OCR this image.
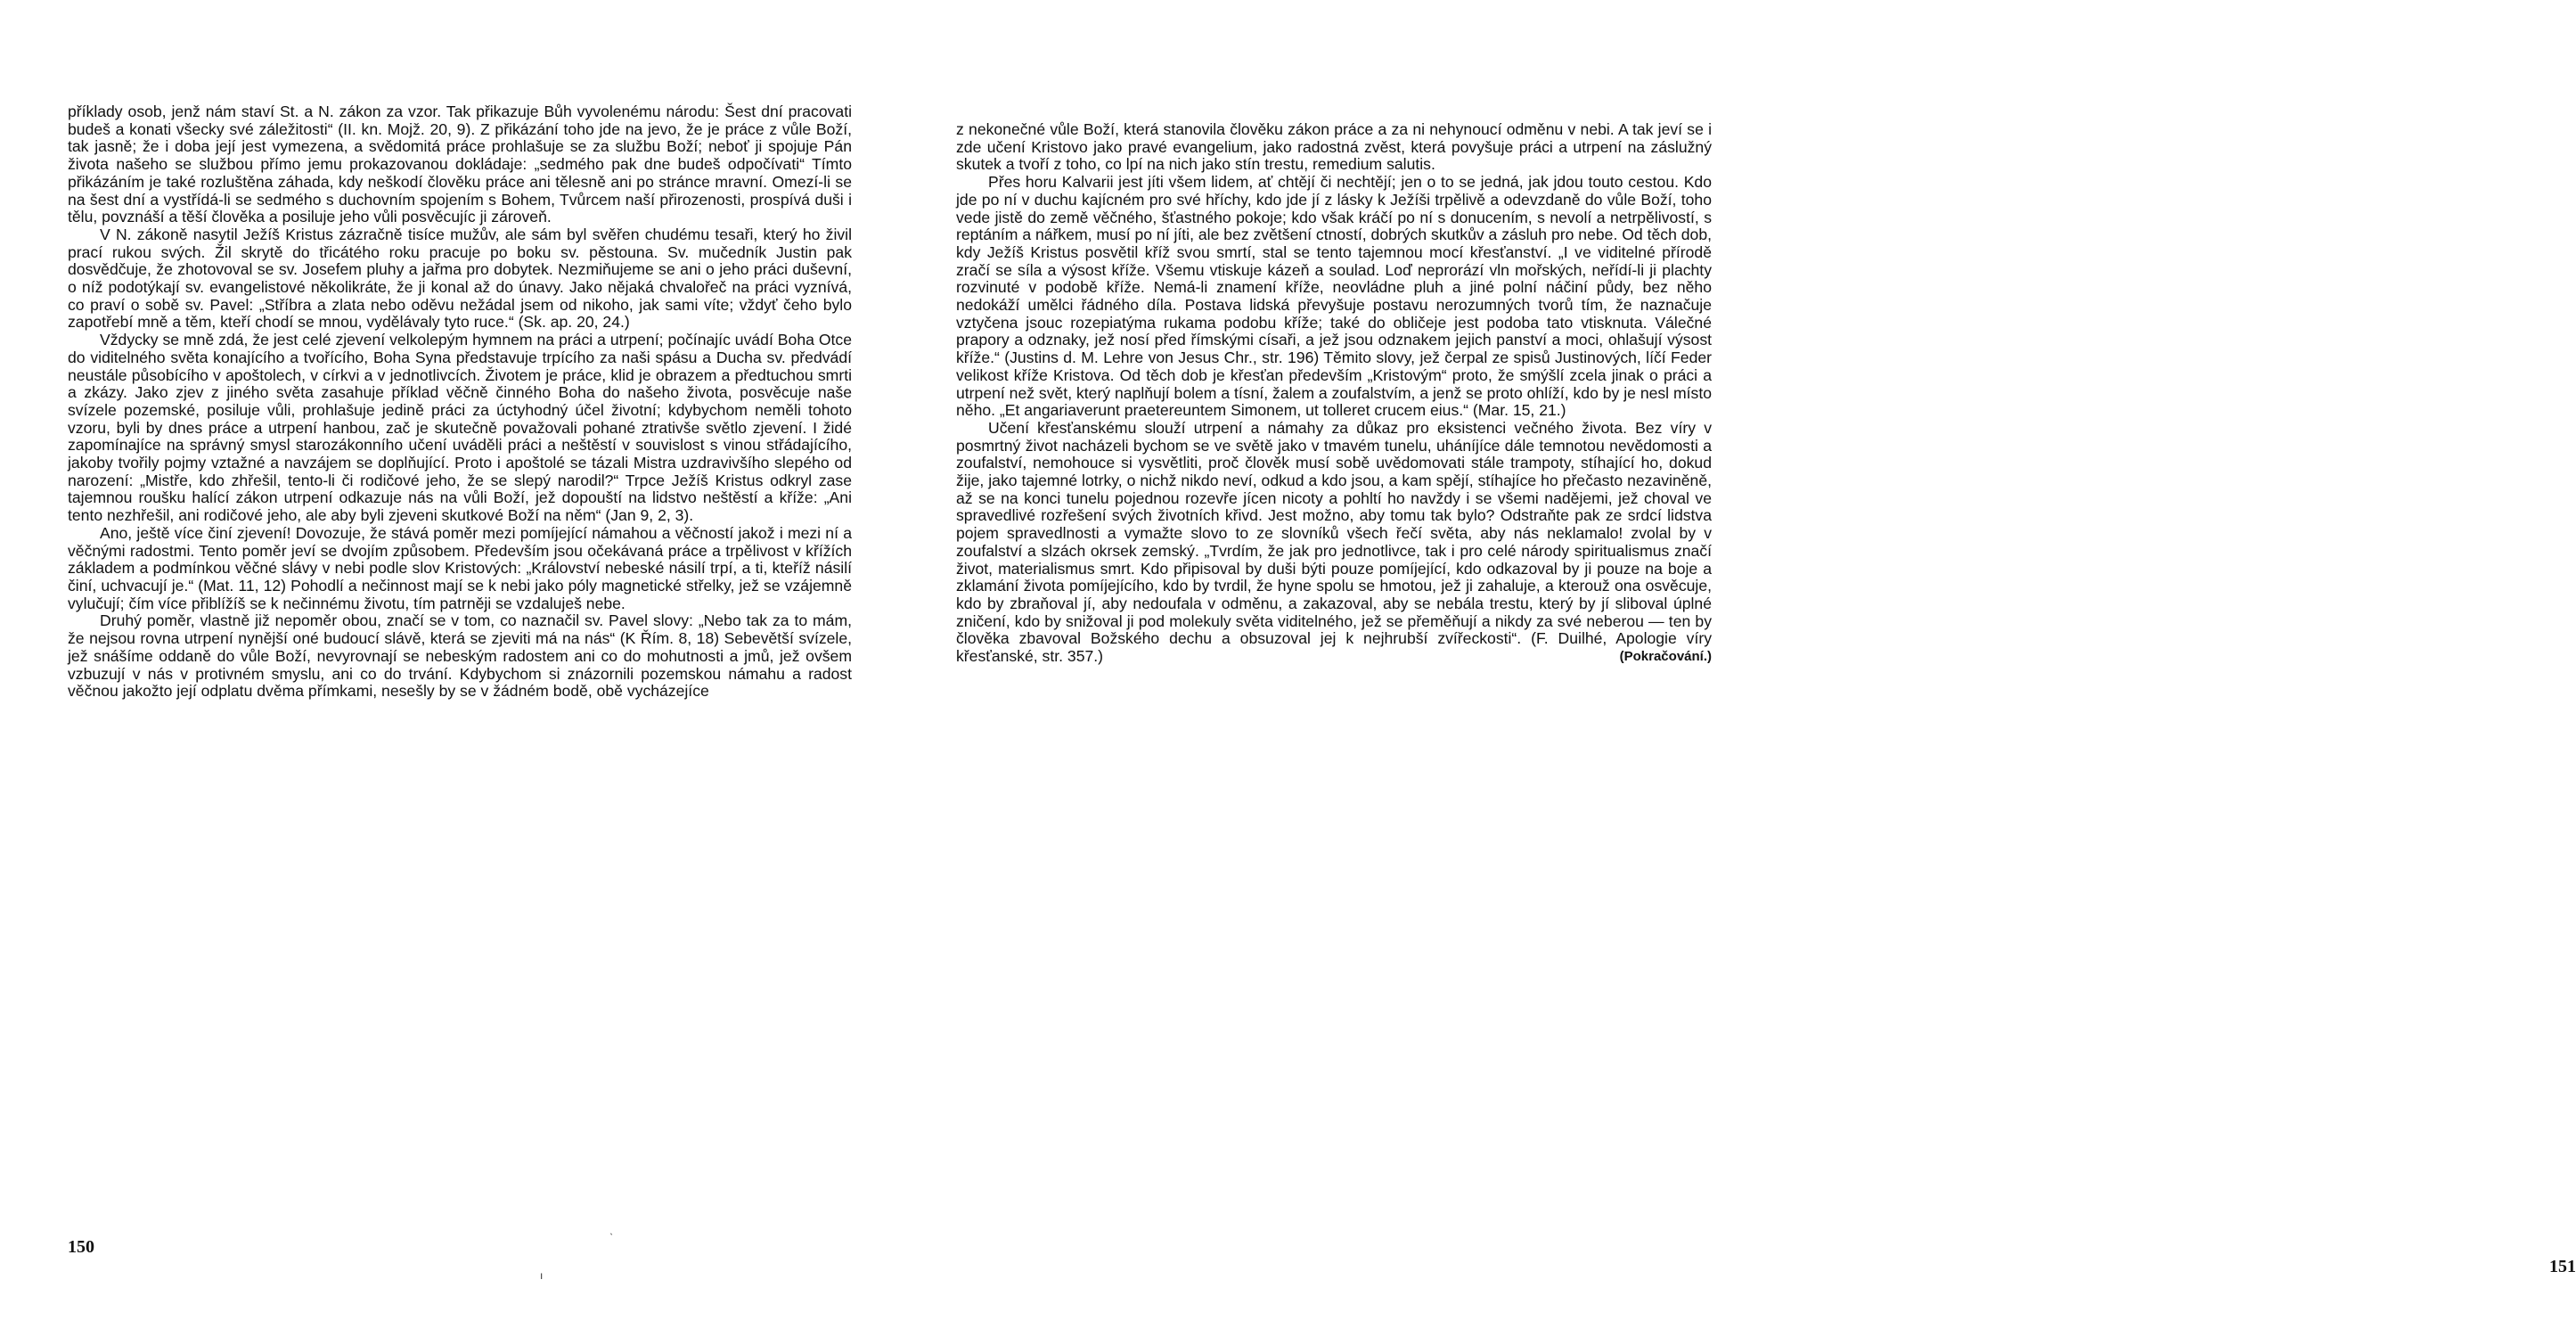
příklady osob, jenž nám staví St. a N. zákon za vzor. Tak přikazuje Bůh vyvolenému národu: Šest dní pracovati budeš a konati všecky své záležitosti“ (II. kn. Mojž. 20, 9). Z přikázání toho jde na jevo, že je práce z vůle Boží, tak jasně; že i doba její jest vymezena, a svědomitá práce prohlašuje se za službu Boží; neboť ji spojuje Pán života našeho se službou přímo jemu prokazovanou dokládaje: „sedmého pak dne budeš odpočívati“ Tímto přikázáním je také rozluštěna záhada, kdy neškodí člověku práce ani tělesně ani po stránce mravní. Omezí-li se na šest dní a vystřídá-li se sedmého s duchovním spojením s Bohem, Tvůrcem naší přirozenosti, prospívá duši i tělu, povznáší a těší člověka a posiluje jeho vůli posvěcujíc ji zároveň.

V N. zákoně nasytil Ježíš Kristus zázračně tisíce mužův, ale sám byl svěřen chudému tesaři, který ho živil prací rukou svých. Žil skrytě do třicátého roku pracuje po boku sv. pěstouna. Sv. mučedník Justin pak dosvědčuje, že zhotovoval se sv. Josefem pluhy a jařma pro dobytek. Nezmiňujeme se ani o jeho práci duševní, o níž podotýkají sv. evangelistové několikráte, že ji konal až do únavy. Jako nějaká chvalořeč na práci vyznívá, co praví o sobě sv. Pavel: „Stříbra a zlata nebo oděvu nežádal jsem od nikoho, jak sami víte; vždyť čeho bylo zapotřebí mně a těm, kteří chodí se mnou, vydělávaly tyto ruce.“ (Sk. ap. 20, 24.)

Vždycky se mně zdá, že jest celé zjevení velkolepým hymnem na práci a utrpení; počínajíc uvádí Boha Otce do viditelného světa konajícího a tvořícího, Boha Syna představuje trpícího za naši spásu a Ducha sv. předvádí neustále působícího v apoštolech, v církvi a v jednotlivcích. Životem je práce, klid je obrazem a předtuchou smrti a zkázy. Jako zjev z jiného světa zasahuje příklad věčně činného Boha do našeho života, posvěcuje naše svízele pozemské, posiluje vůli, prohlašuje jedině práci za úctyhodný účel životní; kdybychom neměli tohoto vzoru, byli by dnes práce a utrpení hanbou, zač je skutečně považovali pohané ztrativše světlo zjevení. I židé zapomínajíce na správný smysl starozákonního učení uváděli práci a neštěstí v souvislost s vinou střádajícího, jakoby tvořily pojmy vztažné a navzájem se doplňující. Proto i apoštolé se tázali Mistra uzdravivšího slepého od narození: „Mistře, kdo zhřešil, tento-li či rodičové jeho, že se slepý narodil?“ Trpce Ježíš Kristus odkryl zase tajemnou roušku halící zákon utrpení odkazuje nás na vůli Boží, jež dopouští na lidstvo neštěstí a kříže: „Ani tento nezhřešil, ani rodičové jeho, ale aby byli zjeveni skutkové Boží na něm“ (Jan 9, 2, 3).

Ano, ještě více činí zjevení! Dovozuje, že stává poměr mezi pomíjející námahou a věčností jakož i mezi ní a věčnými radostmi. Tento poměr jeví se dvojím způsobem. Především jsou očekávaná práce a trpělivost v křížích základem a podmínkou věčné slávy v nebi podle slov Kristových: „Království nebeské násilí trpí, a ti, kteříž násilí činí, uchvacují je.“ (Mat. 11, 12) Pohodlí a nečinnost mají se k nebi jako póly magnetické střelky, jež se vzájemně vylučují; čím více přiblížíš se k nečinnému životu, tím patrněji se vzdaluješ nebe.

Druhý poměr, vlastně již nepoměr obou, značí se v tom, co naznačil sv. Pavel slovy: „Nebo tak za to mám, že nejsou rovna utrpení nynější oné budoucí slávě, která se zjeviti má na nás“ (K Řím. 8, 18) Sebevětší svízele, jež snášíme oddaně do vůle Boží, nevyrovnají se nebeským radostem ani co do mohutnosti a jmů, jež ovšem vzbuzují v nás v protivném smyslu, ani co do trvání. Kdybychom si znázornili pozemskou námahu a radost věčnou jakožto její odplatu dvěma přímkami, nesešly by se v žádném bodě, obě vycházejíce

150
˴
ı

z nekonečné vůle Boží, která stanovila člověku zákon práce a za ni nehynoucí odměnu v nebi. A tak jeví se i zde učení Kristovo jako pravé evangelium, jako radostná zvěst, která povyšuje práci a utrpení na záslužný skutek a tvoří z toho, co lpí na nich jako stín trestu, remedium salutis.

Přes horu Kalvarii jest jíti všem lidem, ať chtějí či nechtějí; jen o to se jedná, jak jdou touto cestou. Kdo jde po ní v duchu kajícném pro své hříchy, kdo jde jí z lásky k Ježíši trpělivě a odevzdaně do vůle Boží, toho vede jistě do země věčného, šťastného pokoje; kdo však kráčí po ní s donucením, s nevolí a netrpělivostí, s reptáním a nářkem, musí po ní jíti, ale bez zvětšení ctností, dobrých skutkův a zásluh pro nebe. Od těch dob, kdy Ježíš Kristus posvětil kříž svou smrtí, stal se tento tajemnou mocí křesťanství. „I ve viditelné přírodě zračí se síla a výsost kříže. Všemu vtiskuje kázeň a soulad. Loď neprorází vln mořských, neřídí-li ji plachty rozvinuté v podobě kříže. Nemá-li znamení kříže, neovládne pluh a jiné polní náčiní půdy, bez něho nedokáží umělci řádného díla. Postava lidská převyšuje postavu nerozumných tvorů tím, že naznačuje vztyčena jsouc rozepiatýma rukama podobu kříže; také do obličeje jest podoba tato vtisknuta. Válečné prapory a odznaky, jež nosí před římskými císaři, a jež jsou odznakem jejich panství a moci, ohlašují výsost kříže.“ (Justins d. M. Lehre von Jesus Chr., str. 196) Těmito slovy, jež čerpal ze spisů Justinových, líčí Feder velikost kříže Kristova. Od těch dob je křesťan především „Kristovým“ proto, že smýšlí zcela jinak o práci a utrpení než svět, který naplňují bolem a tísní, žalem a zoufalstvím, a jenž se proto ohlíží, kdo by je nesl místo něho. „Et angariaverunt praetereuntem Simonem, ut tolleret crucem eius.“ (Mar. 15, 21.)

Učení křesťanskému slouží utrpení a námahy za důkaz pro eksistenci večného života. Bez víry v posmrtný život nacházeli bychom se ve světě jako v tmavém tunelu, uháníjíce dále temnotou nevědomosti a zoufalství, nemohouce si vysvětliti, proč člověk musí sobě uvědomovati stále trampoty, stíhající ho, dokud žije, jako tajemné lotrky, o nichž nikdo neví, odkud a kdo jsou, a kam spějí, stíhajíce ho přečasto nezaviněně, až se na konci tunelu pojednou rozevře jícen nicoty a pohltí ho navždy i se všemi nadějemi, jež choval ve spravedlivé rozřešení svých životních křivd. Jest možno, aby tomu tak bylo? Odstraňte pak ze srdcí lidstva pojem spravedlnosti a vymažte slovo to ze slovníků všech řečí světa, aby nás neklamalo! zvolal by v zoufalství a slzách okrsek zemský. „Tvrdím, že jak pro jednotlivce, tak i pro celé národy spiritualismus značí život, materialismus smrt. Kdo připisoval by duši býti pouze pomíjející, kdo odkazoval by ji pouze na boje a zklamání života pomíjejícího, kdo by tvrdil, že hyne spolu se hmotou, jež ji zahaluje, a kterouž ona osvěcuje, kdo by zbraňoval jí, aby nedoufala v odměnu, a zakazoval, aby se nebála trestu, který by jí sliboval úplné zničení, kdo by snižoval ji pod molekuly světa viditelného, jež se přeměňují a nikdy za své neberou — ten by člověka zbavoval Božského dechu a obsuzoval jej k nejhrubší zvířeckosti“. (F. Duilhé, Apologie víry křesťanské, str. 357.)	(Pokračování.)

151
